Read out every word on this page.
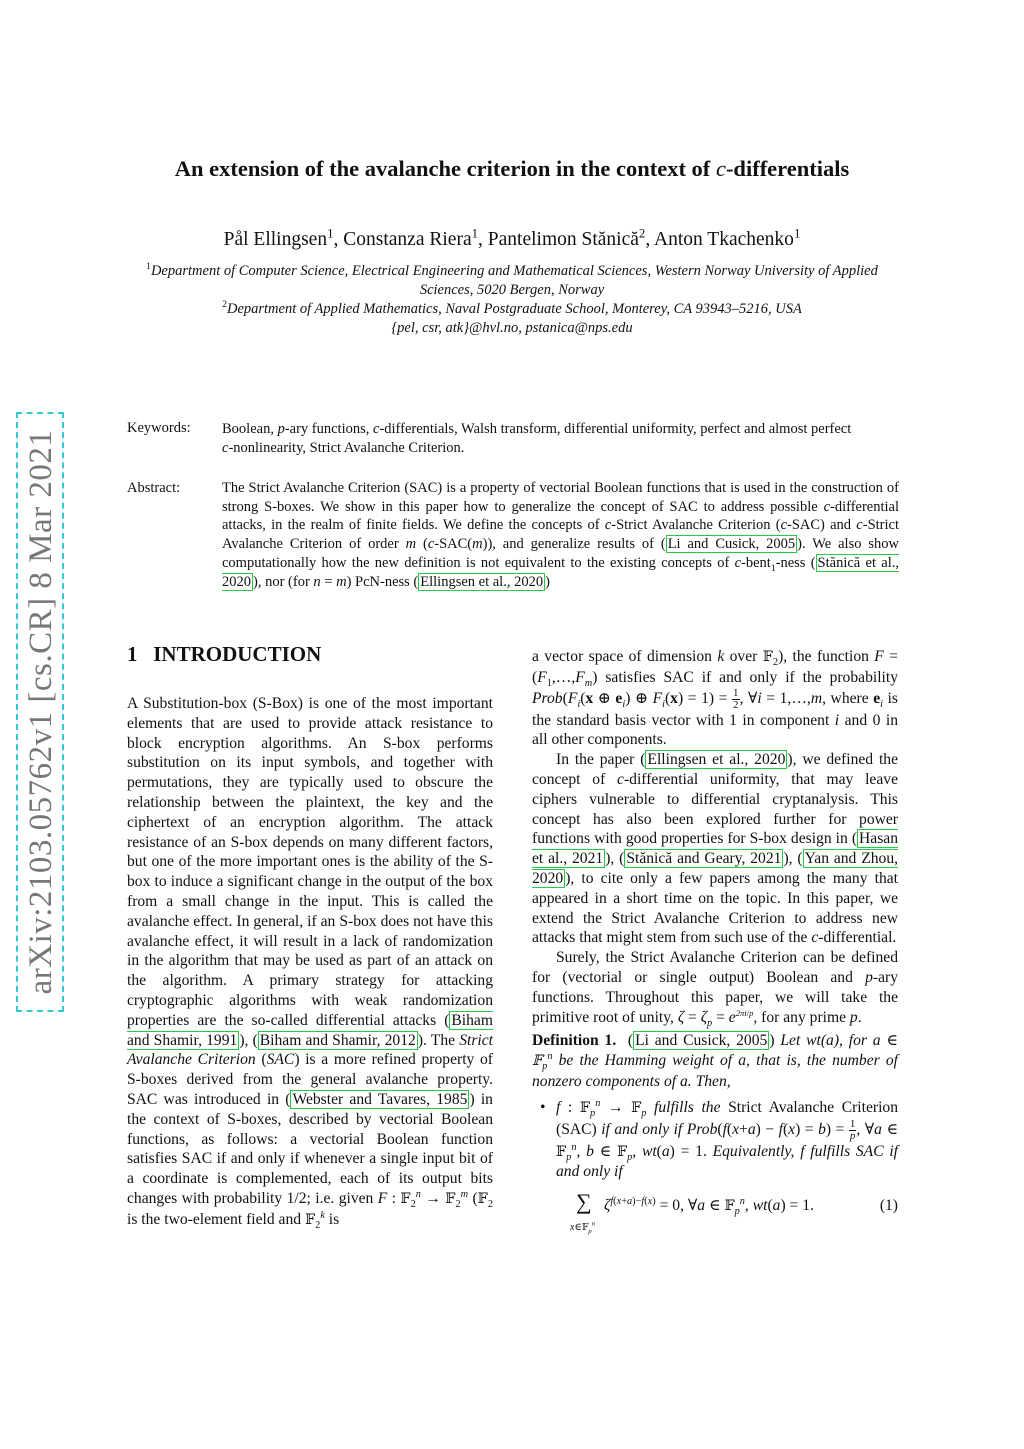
arXiv:2103.05762v1 [cs.CR] 8 Mar 2021
An extension of the avalanche criterion in the context of c-differentials
Pål Ellingsen$^1$, Constanza Riera$^1$, Pantelimon Stănică$^2$, Anton Tkachenko$^1$
$^1$Department of Computer Science, Electrical Engineering and Mathematical Sciences, Western Norway University of Applied Sciences, 5020 Bergen, Norway
$^2$Department of Applied Mathematics, Naval Postgraduate School, Monterey, CA 93943–5216, USA
{pel, csr, atk}@hvl.no, pstanica@nps.edu
Keywords: Boolean, p-ary functions, c-differentials, Walsh transform, differential uniformity, perfect and almost perfect
c-nonlinearity, Strict Avalanche Criterion.
Abstract:	The Strict Avalanche Criterion (SAC) is a property of vectorial Boolean functions that is used in the construction of strong S-boxes. We show in this paper how to generalize the concept of SAC to address possible c-differential attacks, in the realm of finite fields. We define the concepts of c-Strict Avalanche Criterion (c-SAC) and c-Strict Avalanche Criterion of order m (c-SAC(m)), and generalize results of ( Li and Cusick, 2005 ). We also show computationally how the new definition is not equivalent to the existing concepts of c-bent$_1$-ness ( Stănică et al., 2020 ), nor (for n = m) PcN-ness ( Ellingsen et al., 2020 )
1 INTRODUCTION

A Substitution-box (S-Box) is one of the most important elements that are used to provide attack resistance to block encryption algorithms. An S-box performs substitution on its input symbols, and together with permutations, they are typically used to obscure the relationship between the plaintext, the key and the ciphertext of an encryption algorithm. The attack resistance of an S-box depends on many different factors, but one of the more important ones is the ability of the S-box to induce a significant change in the output of the box from a small change in the input. This is called the avalanche effect. In general, if an S-box does not have this avalanche effect, it will result in a lack of randomization in the algorithm that may be used as part of an attack on the algorithm. A primary strategy for attacking cryptographic algorithms with weak randomization properties are the so-called differential attacks ( Biham and Shamir, 1991 ), ( Biham and Shamir, 2012 ). The Strict Avalanche Criterion (SAC) is a more refined property of S-boxes derived from the general avalanche property. SAC was introduced in ( Webster and Tavares, 1985 ) in the context of S-boxes, described by vectorial Boolean functions, as follows: a vectorial Boolean function satisfies SAC if and only if whenever a single input bit of a coordinate is complemented, each of its output bits changes with probability 1/2; i.e. given F : 𝔽$_2^n$ → 𝔽$_2^m$ (𝔽$_2$ is the two-element field and 𝔽$_2^k$ is

a vector space of dimension k over 𝔽$_2$), the function $F = (F_1,\dots,F_m)$ satisfies SAC if and only if the probability $Prob(F_i(x$ ⊕ $e_i$) ⊕ $F_i(x) = 1) = \frac{1}{2}$ , ∀i = 1,…,m, where $e_i$ is the standard basis vector with 1 in component i and 0 in all other components.

In the paper ( Ellingsen et al., 2020 ), we defined the concept of c-differential uniformity, that may leave ciphers vulnerable to differential cryptanalysis. This concept has also been explored further for power functions with good properties for S-box design in ( Hasan et al., 2021 ), ( Stănică and Geary, 2021 ), ( Yan and Zhou, 2020 ), to cite only a few papers among the many that appeared in a short time on the topic. In this paper, we extend the Strict Avalanche Criterion to address new attacks that might stem from such use of the c-differential.

Surely, the Strict Avalanche Criterion can be defined for (vectorial or single output) Boolean and p-ary functions. Throughout this paper, we will take the primitive root of unity, $\zeta = \zeta_p = e^{2\pi i/p}$, for any prime p.

Definition 1.  ( Li and Cusick, 2005 ) Let wt(a), for a ∈ 𝔽$_p^n$ be the Hamming weight of a, that is, the number of nonzero components of a. Then,

• f : 𝔽$_p^n$ → 𝔽$_p$ fulfills the Strict Avalanche Criterion (SAC) if and only if Prob(f(x+a) − $f(x) = b) = \frac{1}{p}$ , ∀a ∈ 𝔽$_p^n$, b ∈ 𝔽$_p$, wt(a) = 1. Equivalently, f fulfills SAC if and only if
∑
x∈𝔽$_p^n$
$\zeta^{f(x+a)-f(x)} = 0$, ∀a ∈ 𝔽$_p^n$, wt(a) = 1.	(1)
